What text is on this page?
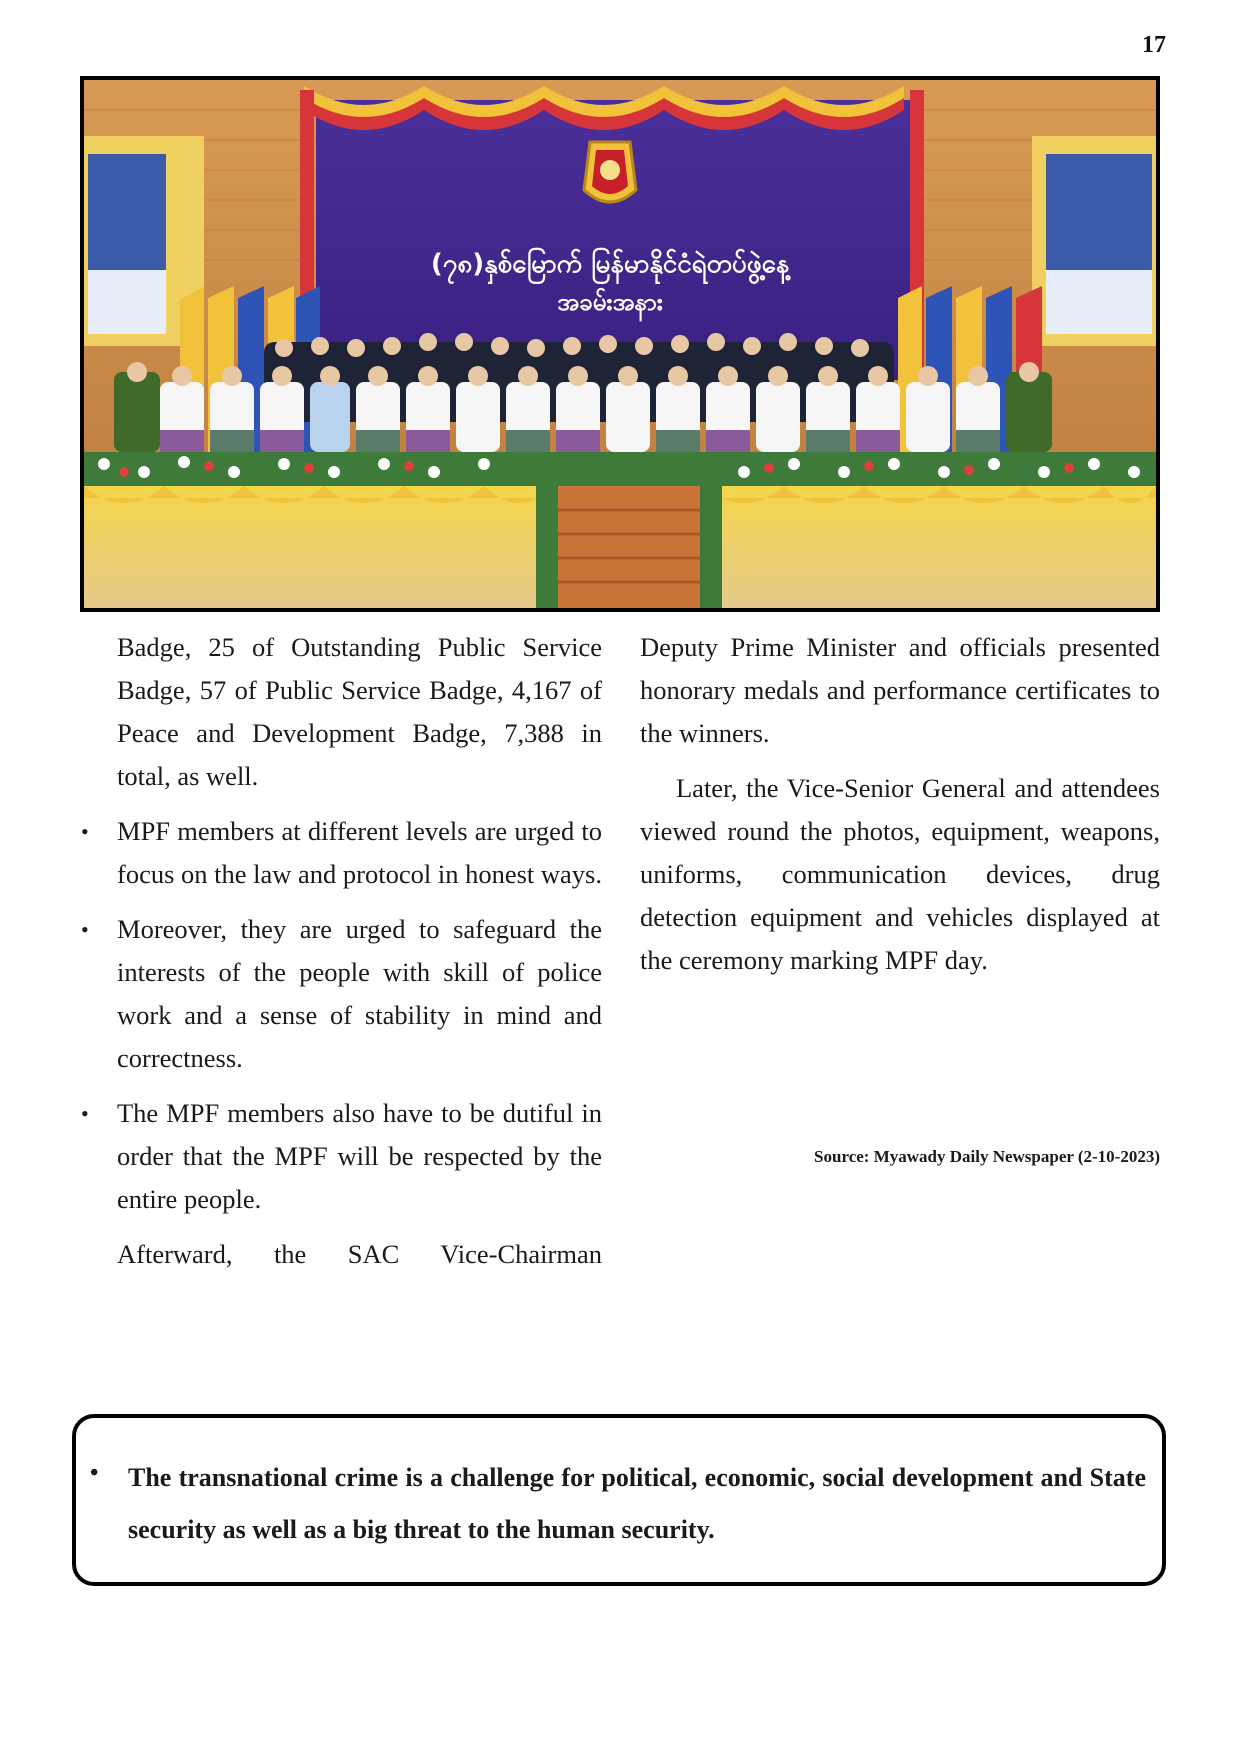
17
(၇၈)နှစ်မြောက် မြန်မာနိုင်ငံရဲတပ်ဖွဲ့နေ့
အခမ်းအနား

Badge, 25 of Outstanding Public Service Badge, 57 of Public Service Badge, 4,167 of Peace and Development Badge, 7,388 in total, as well.

• MPF members at different levels are urged to focus on the law and protocol in honest ways.
• Moreover, they are urged to safeguard the interests of the people with skill of police work and a sense of stability in mind and correctness.
• The MPF members also have to be dutiful in order that the MPF will be respected by the entire people.

Afterward, the SAC Vice-Chairman

Deputy Prime Minister and officials presented honorary medals and performance certificates to the winners.

Later, the Vice-Senior General and attendees viewed round the photos, equipment, weapons, uniforms, communication devices, drug detection equipment and vehicles displayed at the ceremony marking MPF day.

Source: Myawady Daily Newspaper (2-10-2023)
• The transnational crime is a challenge for political, economic, social development and State security as well as a big threat to the human security.
